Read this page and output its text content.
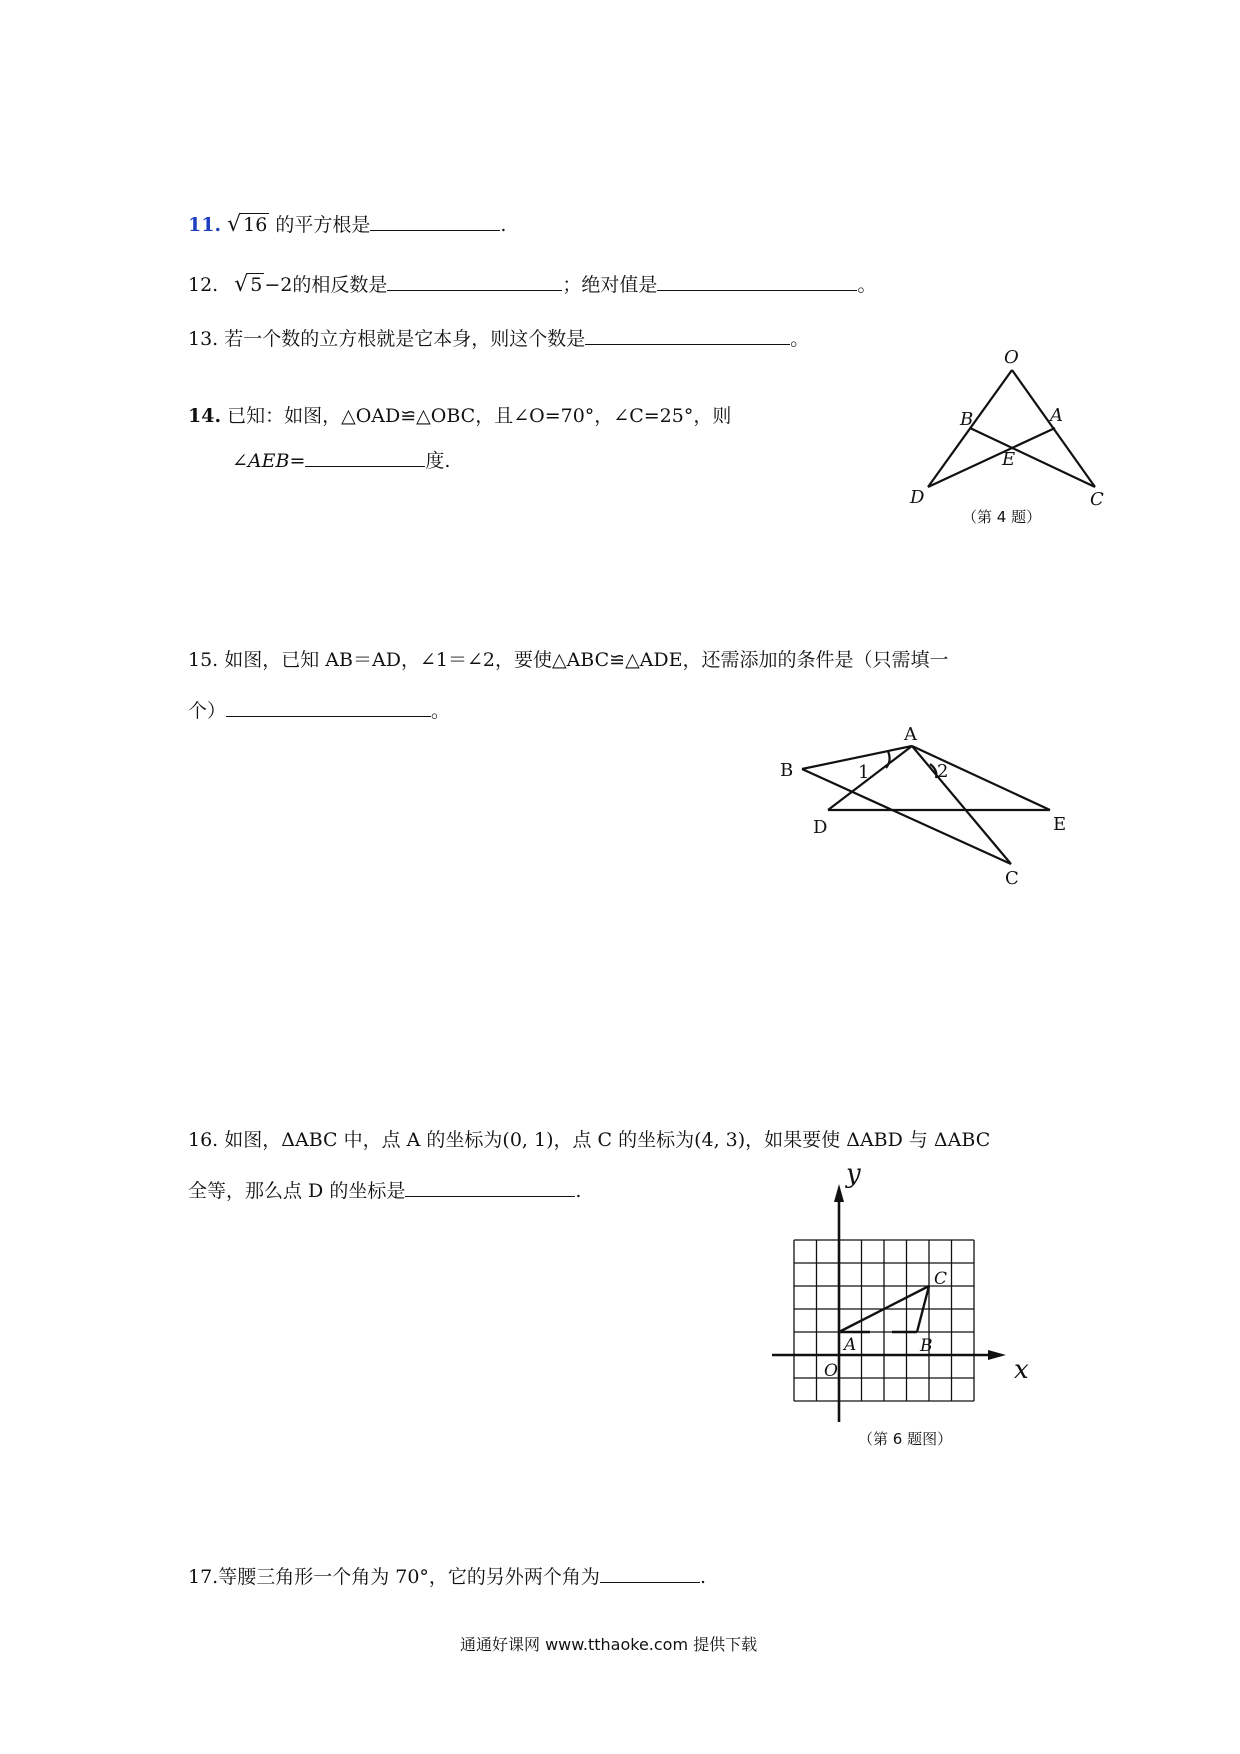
11. √ 16 的平方根是	.
12. √ 5 −2的相反数是	；绝对值是	。
13. 若一个数的立方根就是它本身，则这个数是	。
14. 已知：如图，△OAD≌△OBC，且∠O=70°，∠C=25°，则
∠AEB=	度.
O
B	A
E
D	C
（第 4 题）
15. 如图，已知 AB＝AD，∠1＝∠2，要使△ABC≌△ADE，还需添加的条件是（只需填一
个）	。
A
B	1	2
D	E
C
16. 如图，ΔABC 中，点 A 的坐标为(0, 1)，点 C 的坐标为(4, 3)，如果要使 ΔABD 与 ΔABC
全等，那么点 D 的坐标是	.
y
x
O
A	B
C
（第 6 题图）
17.等腰三角形一个角为 70°，它的另外两个角为	.
通通好课网 www.tthaoke.com 提供下载
